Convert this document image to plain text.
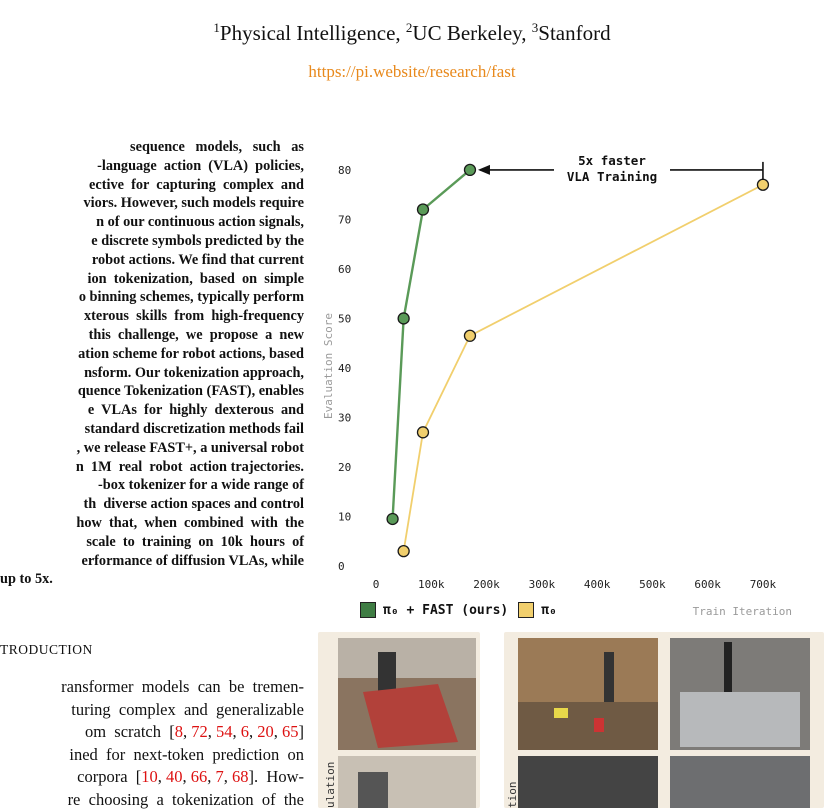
$^1$Physical Intelligence, $^2$UC Berkeley, $^3$Stanford
https://pi.website/research/fast
sequence   models,   such   as
-language  action  (VLA)  policies,
ective  for  capturing  complex  and
viors. However, such models require
n of our continuous action signals,
e discrete symbols predicted by the
robot actions. We find that current
ion  tokenization,  based  on  simple
o binning schemes, typically perform
xterous  skills  from  high-frequency
this  challenge,  we  propose  a  new
ation scheme for robot actions, based
nsform. Our tokenization approach,
quence Tokenization (FAST), enables
e  VLAs  for  highly  dexterous  and
standard discretization methods fail
, we release FAST+, a universal robot
n  1M  real  robot  action trajectories.
-box tokenizer for a wide range of
th  diverse action spaces and control
how  that,  when  combined  with  the
scale  to  training  on  10k  hours  of
erformance of diffusion VLAs, while
up to 5x.
TRODUCTION
ransformer  models  can  be  tremen-
turing  complex  and  generalizable
om  scratch  [8, 72, 54, 6, 20, 65]
ined  for  next-token  prediction  on
corpora  [10, 40, 66, 7, 68].  How-
re  choosing  a  tokenization  of  the
0
10
20
30
40
50
60
70
80
0	100k	200k	300k	400k	500k	600k	700k
Evaluation Score
Train Iteration
5x faster
VLA Training
π₀ + FAST (ours)	π₀
ulation	tion
